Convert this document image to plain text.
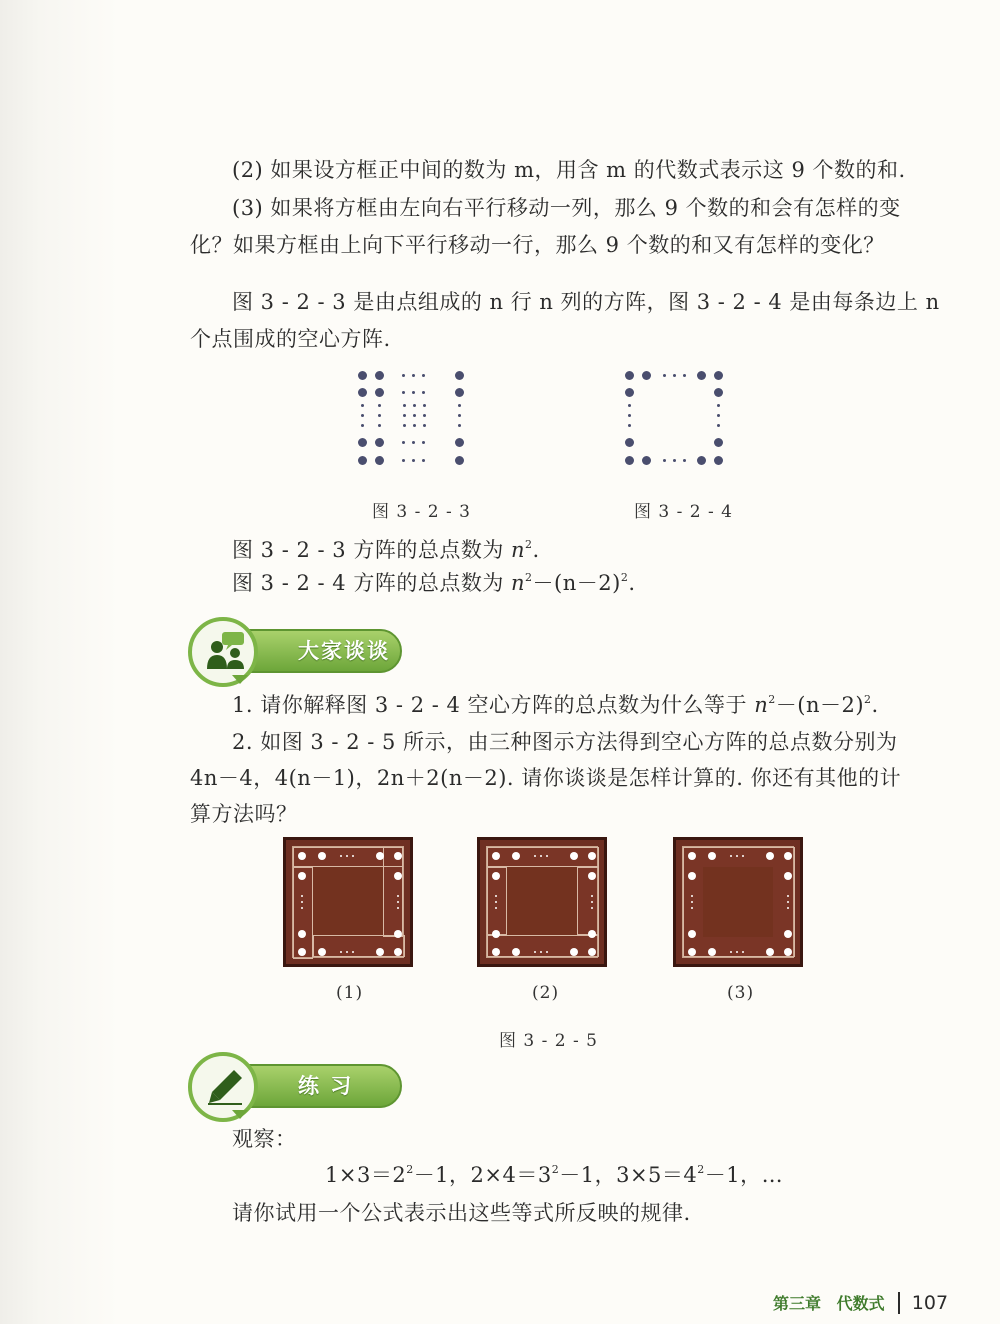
(2) 如果设方框正中间的数为 m，用含 m 的代数式表示这 9 个数的和.
(3) 如果将方框由左向右平行移动一列，那么 9 个数的和会有怎样的变
化？如果方框由上向下平行移动一行，那么 9 个数的和又有怎样的变化？
图 3 - 2 - 3 是由点组成的 n 行 n 列的方阵，图 3 - 2 - 4 是由每条边上 n
个点围成的空心方阵.
图 3 - 2 - 3	图 3 - 2 - 4
图 3 - 2 - 3 方阵的总点数为 $n^2$.
图 3 - 2 - 4 方阵的总点数为 $n^2-(n-2)^2$.
大家谈谈
1. 请你解释图 3 - 2 - 4 空心方阵的总点数为什么等于 $n^2-(n-2)^2$.
2. 如图 3 - 2 - 5 所示，由三种图示方法得到空心方阵的总点数分别为
4n－4，4(n－1)，2n＋2(n－2). 请你谈谈是怎样计算的. 你还有其他的计
算方法吗？
(1)	(2)	(3)
图 3 - 2 - 5
练 习
观察：
$1\times 3=2^2-1$，$2\times 4=3^2-1$，$3\times 5=4^2-1$，…
请你试用一个公式表示出这些等式所反映的规律.
第三章 代数式 107
